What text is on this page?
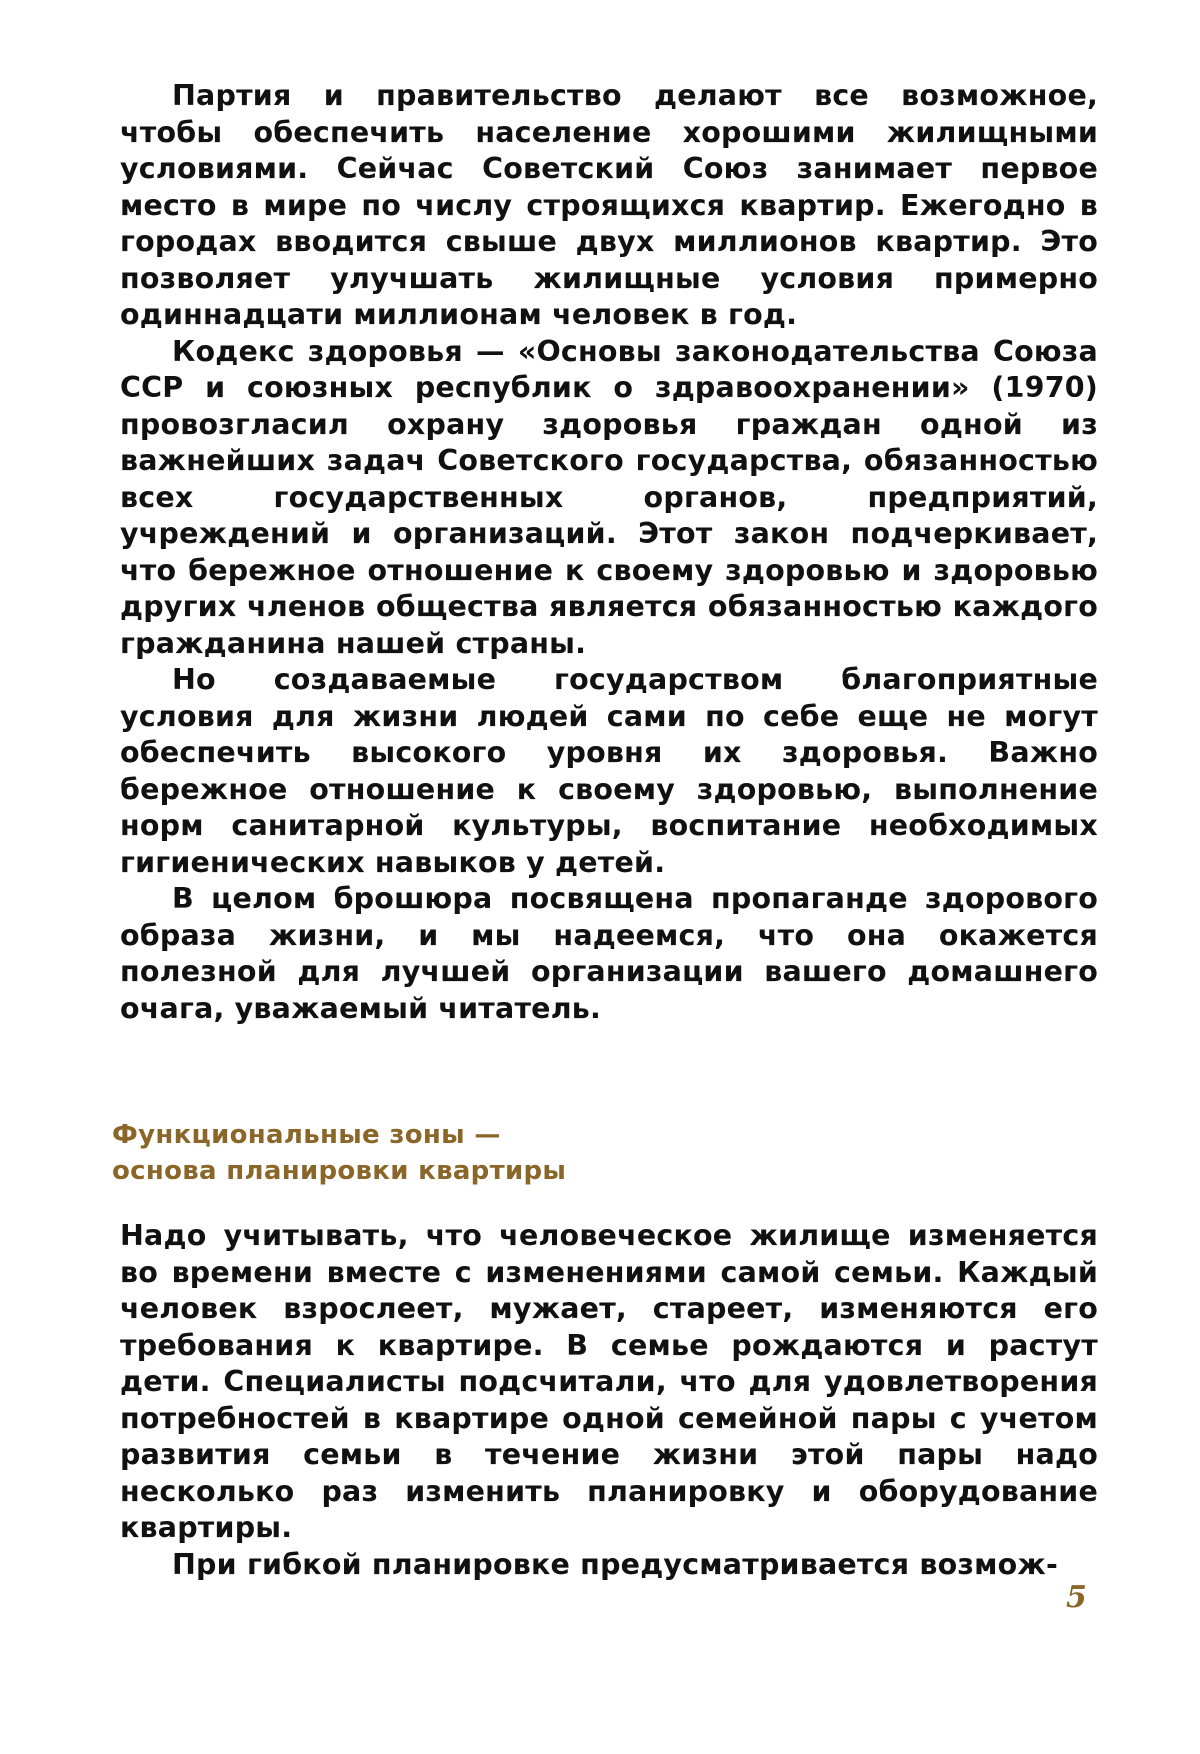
Партия и правительство делают все возможное, чтобы обеспечить население хорошими жилищными условиями. Сейчас Советский Союз занимает первое место в мире по числу строящихся квартир. Ежегодно в городах вводится свыше двух миллионов квартир. Это позволяет улучшать жилищные условия примерно одиннадцати миллионам человек в год.

Кодекс здоровья — «Основы законодательства Союза ССР и союзных республик о здравоохранении» (1970) провозгласил охрану здоровья граждан одной из важнейших задач Советского государства, обязанностью всех государственных органов, предприятий, учреждений и организаций. Этот закон подчеркивает, что бережное отношение к своему здоровью и здоровью других членов общества является обязанностью каждого гражданина нашей страны.

Но создаваемые государством благоприятные условия для жизни людей сами по себе еще не могут обеспечить высокого уровня их здоровья. Важно бережное отношение к своему здоровью, выполнение норм санитарной культуры, воспитание необходимых гигиенических навыков у детей.

В целом брошюра посвящена пропаганде здорового образа жизни, и мы надеемся, что она окажется полезной для лучшей организации вашего домашнего очага, уважаемый читатель.

Функциональные зоны —
основа планировки квартиры

Надо учитывать, что человеческое жилище изменяется во времени вместе с изменениями самой семьи. Каждый человек взрослеет, мужает, стареет, изменяются его требования к квартире. В семье рождаются и растут дети. Специалисты подсчитали, что для удовлетворения потребностей в квартире одной семейной пары с учетом развития семьи в течение жизни этой пары надо несколько раз изменить планировку и оборудование квартиры.

При гибкой планировке предусматривается возмож-

5
